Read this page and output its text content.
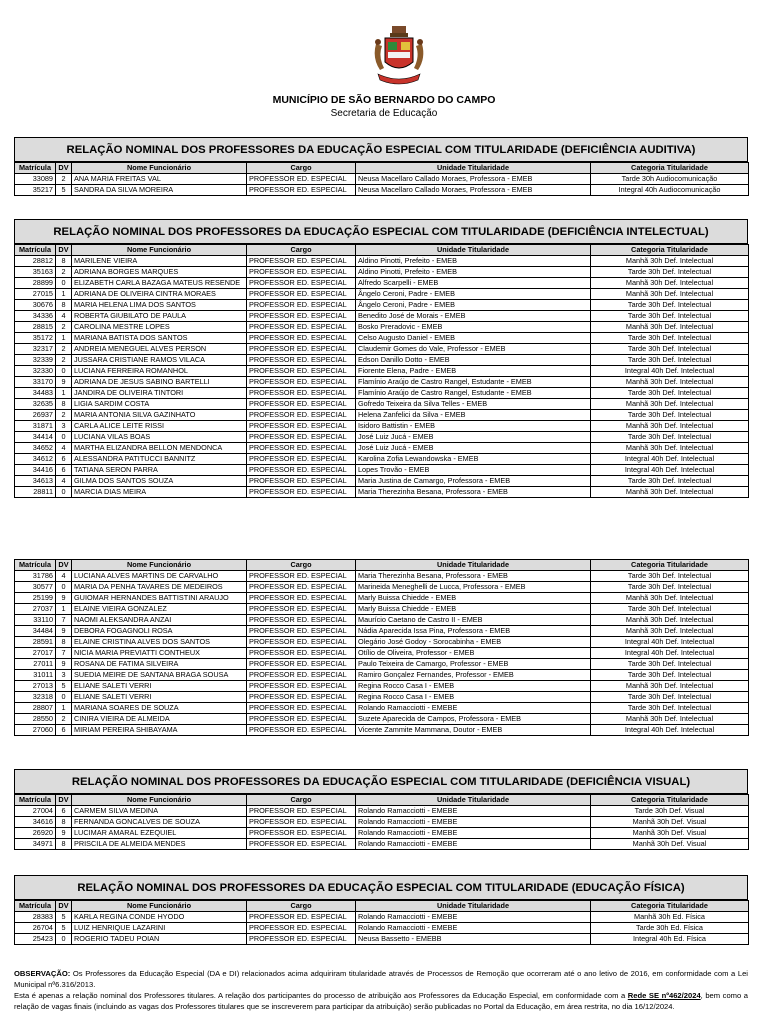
MUNICÍPIO DE SÃO BERNARDO DO CAMPO
Secretaria de Educação
RELAÇÃO NOMINAL DOS PROFESSORES DA EDUCAÇÃO ESPECIAL COM TITULARIDADE (DEFICIÊNCIA AUDITIVA)
Matrícula	DV	Nome Funcionário	Cargo	Unidade Titularidade	Categoria Titularidade
33089	2	ANA MARIA FREITAS VAL	PROFESSOR ED. ESPECIAL	Neusa Macellaro Callado Moraes, Professora - EMEB	Tarde 30h Audiocomunicação
35217	5	SANDRA DA SILVA MOREIRA	PROFESSOR ED. ESPECIAL	Neusa Macellaro Callado Moraes, Professora - EMEB	Integral 40h Audiocomunicação
RELAÇÃO NOMINAL DOS PROFESSORES DA EDUCAÇÃO ESPECIAL COM TITULARIDADE (DEFICIÊNCIA INTELECTUAL)
Matrícula	DV	Nome Funcionário	Cargo	Unidade Titularidade	Categoria Titularidade
28812	8	MARILENE VIEIRA	PROFESSOR ED. ESPECIAL	Aldino Pinotti, Prefeito - EMEB	Manhã 30h Def. Intelectual
35163	2	ADRIANA BORGES MARQUES	PROFESSOR ED. ESPECIAL	Aldino Pinotti, Prefeito - EMEB	Tarde 30h Def. Intelectual
28899	0	ELIZABETH CARLA BAZAGA MATEUS RESENDE	PROFESSOR ED. ESPECIAL	Alfredo Scarpelli - EMEB	Manhã 30h Def. Intelectual
27015	1	ADRIANA DE OLIVEIRA CINTRA MORAES	PROFESSOR ED. ESPECIAL	Ângelo Ceroni, Padre - EMEB	Manhã 30h Def. Intelectual
30676	8	MARIA HELENA LIMA DOS SANTOS	PROFESSOR ED. ESPECIAL	Ângelo Ceroni, Padre - EMEB	Tarde 30h Def. Intelectual
34336	4	ROBERTA GIUBILATO DE PAULA	PROFESSOR ED. ESPECIAL	Benedito José de Morais - EMEB	Tarde 30h Def. Intelectual
28815	2	CAROLINA MESTRE LOPES	PROFESSOR ED. ESPECIAL	Bosko Preradovic - EMEB	Manhã 30h Def. Intelectual
35172	1	MARIANA BATISTA DOS SANTOS	PROFESSOR ED. ESPECIAL	Celso Augusto Daniel - EMEB	Tarde 30h Def. Intelectual
32317	2	ANDREIA MENEGUEL ALVES PERSON	PROFESSOR ED. ESPECIAL	Claudemir Gomes do Vale, Professor - EMEB	Tarde 30h Def. Intelectual
32339	2	JUSSARA CRISTIANE RAMOS VILACA	PROFESSOR ED. ESPECIAL	Edson Danillo Dotto - EMEB	Tarde 30h Def. Intelectual
32330	0	LUCIANA FERREIRA ROMANHOL	PROFESSOR ED. ESPECIAL	Fiorente Elena, Padre - EMEB	Integral 40h Def. Intelectual
33170	9	ADRIANA DE JESUS SABINO BARTELLI	PROFESSOR ED. ESPECIAL	Flamínio Araújo de Castro Rangel, Estudante - EMEB	Manhã 30h Def. Intelectual
34483	1	JANDIRA DE OLIVEIRA TINTORI	PROFESSOR ED. ESPECIAL	Flamínio Araújo de Castro Rangel, Estudante - EMEB	Tarde 30h Def. Intelectual
32635	8	LIGIA SARDIM COSTA	PROFESSOR ED. ESPECIAL	Gofredo Teixeira da Silva Telles - EMEB	Manhã 30h Def. Intelectual
26937	2	MARIA ANTONIA SILVA GAZINHATO	PROFESSOR ED. ESPECIAL	Helena Zanfelici da Silva - EMEB	Tarde 30h Def. Intelectual
31871	3	CARLA ALICE LEITE RISSI	PROFESSOR ED. ESPECIAL	Isidoro Battistin - EMEB	Manhã 30h Def. Intelectual
34414	0	LUCIANA VILAS BOAS	PROFESSOR ED. ESPECIAL	José Luiz Jucá - EMEB	Tarde 30h Def. Intelectual
34652	4	MARTHA ELIZANDRA BELLON MENDONCA	PROFESSOR ED. ESPECIAL	José Luiz Jucá - EMEB	Manhã 30h Def. Intelectual
34612	6	ALESSANDRA PATITUCCI BANNITZ	PROFESSOR ED. ESPECIAL	Karolina Zofia Lewandowska - EMEB	Integral 40h Def. Intelectual
34416	6	TATIANA SERON PARRA	PROFESSOR ED. ESPECIAL	Lopes Trovão - EMEB	Integral 40h Def. Intelectual
34613	4	GILMA DOS SANTOS SOUZA	PROFESSOR ED. ESPECIAL	Maria Justina de Camargo, Professora - EMEB	Tarde 30h Def. Intelectual
28811	0	MARCIA DIAS MEIRA	PROFESSOR ED. ESPECIAL	Maria Therezinha Besana, Professora - EMEB	Manhã 30h Def. Intelectual
Matrícula	DV	Nome Funcionário	Cargo	Unidade Titularidade	Categoria Titularidade
31786	4	LUCIANA ALVES MARTINS DE CARVALHO	PROFESSOR ED. ESPECIAL	Maria Therezinha Besana, Professora - EMEB	Tarde 30h Def. Intelectual
30577	0	MARIA DA PENHA TAVARES DE MEDEIROS	PROFESSOR ED. ESPECIAL	Marineida Meneghelli de Lucca, Professora - EMEB	Tarde 30h Def. Intelectual
25199	9	GUIOMAR HERNANDES BATTISTINI ARAUJO	PROFESSOR ED. ESPECIAL	Marly Buissa Chiedde - EMEB	Manhã 30h Def. Intelectual
27037	1	ELAINE VIEIRA GONZALEZ	PROFESSOR ED. ESPECIAL	Marly Buissa Chiedde - EMEB	Tarde 30h Def. Intelectual
33110	7	NAOMI ALEKSANDRA ANZAI	PROFESSOR ED. ESPECIAL	Maurício Caetano de Castro II - EMEB	Manhã 30h Def. Intelectual
34484	9	DEBORA FOGAGNOLI ROSA	PROFESSOR ED. ESPECIAL	Nádia Aparecida Issa Pina, Professora - EMEB	Manhã 30h Def. Intelectual
28591	8	ELAINE CRISTINA ALVES DOS SANTOS	PROFESSOR ED. ESPECIAL	Olegário José Godoy - Sorocabinha - EMEB	Integral 40h Def. Intelectual
27017	7	NICIA MARIA PREVIATTI CONTHEUX	PROFESSOR ED. ESPECIAL	Otílio de Oliveira, Professor - EMEB	Integral 40h Def. Intelectual
27011	9	ROSANA DE FATIMA SILVEIRA	PROFESSOR ED. ESPECIAL	Paulo Teixeira de Camargo, Professor - EMEB	Tarde 30h Def. Intelectual
31011	3	SUEDIA MEIRE DE SANTANA BRAGA SOUSA	PROFESSOR ED. ESPECIAL	Ramiro Gonçalez Fernandes, Professor - EMEB	Tarde 30h Def. Intelectual
27013	5	ELIANE SALETI VERRI	PROFESSOR ED. ESPECIAL	Regina Rocco Casa I - EMEB	Manhã 30h Def. Intelectual
32318	0	ELIANE SALETI VERRI	PROFESSOR ED. ESPECIAL	Regina Rocco Casa I - EMEB	Tarde 30h Def. Intelectual
28807	1	MARIANA SOARES DE SOUZA	PROFESSOR ED. ESPECIAL	Rolando Ramacciotti - EMEBE	Tarde 30h Def. Intelectual
28550	2	CINIRA VIEIRA DE ALMEIDA	PROFESSOR ED. ESPECIAL	Suzete Aparecida de Campos, Professora - EMEB	Manhã 30h Def. Intelectual
27060	6	MIRIAM PEREIRA SHIBAYAMA	PROFESSOR ED. ESPECIAL	Vicente Zammite Mammana, Doutor - EMEB	Integral 40h Def. Intelectual
RELAÇÃO NOMINAL DOS PROFESSORES DA EDUCAÇÃO ESPECIAL COM TITULARIDADE (DEFICIÊNCIA VISUAL)
Matrícula	DV	Nome Funcionário	Cargo	Unidade Titularidade	Categoria Titularidade
27004	6	CARMEM SILVA MEDINA	PROFESSOR ED. ESPECIAL	Rolando Ramacciotti - EMEBE	Tarde 30h Def. Visual
34616	8	FERNANDA GONCALVES DE SOUZA	PROFESSOR ED. ESPECIAL	Rolando Ramacciotti - EMEBE	Manhã 30h Def. Visual
26920	9	LUCIMAR AMARAL EZEQUIEL	PROFESSOR ED. ESPECIAL	Rolando Ramacciotti - EMEBE	Manhã 30h Def. Visual
34971	8	PRISCILA DE ALMEIDA MENDES	PROFESSOR ED. ESPECIAL	Rolando Ramacciotti - EMEBE	Manhã 30h Def. Visual
RELAÇÃO NOMINAL DOS PROFESSORES DA EDUCAÇÃO ESPECIAL COM TITULARIDADE (EDUCAÇÃO FÍSICA)
Matrícula	DV	Nome Funcionário	Cargo	Unidade Titularidade	Categoria Titularidade
28383	5	KARLA REGINA CONDE HYODO	PROFESSOR ED. ESPECIAL	Rolando Ramacciotti - EMEBE	Manhã 30h Ed. Física
26704	5	LUIZ HENRIQUE LAZARINI	PROFESSOR ED. ESPECIAL	Rolando Ramacciotti - EMEBE	Tarde 30h Ed. Física
25423	0	ROGERIO TADEU POIAN	PROFESSOR ED. ESPECIAL	Neusa Bassetto - EMEBB	Integral 40h Ed. Física
OBSERVAÇÃO: Os Professores da Educação Especial (DA e DI) relacionados acima adquiriram titularidade através de Processos de Remoção que ocorreram até o ano letivo de 2016, em conformidade com a Lei Municipal nº6.316/2013.
Esta é apenas a relação nominal dos Professores titulares. A relação dos participantes do processo de atribuição aos Professores da Educação Especial, em conformidade com a Rede SE nº462/2024, bem como a relação de vagas finais (incluindo as vagas dos Professores titulares que se inscreverem para participar da atribuição) serão publicadas no Portal da Educação, em área restrita, no dia 16/12/2024.
